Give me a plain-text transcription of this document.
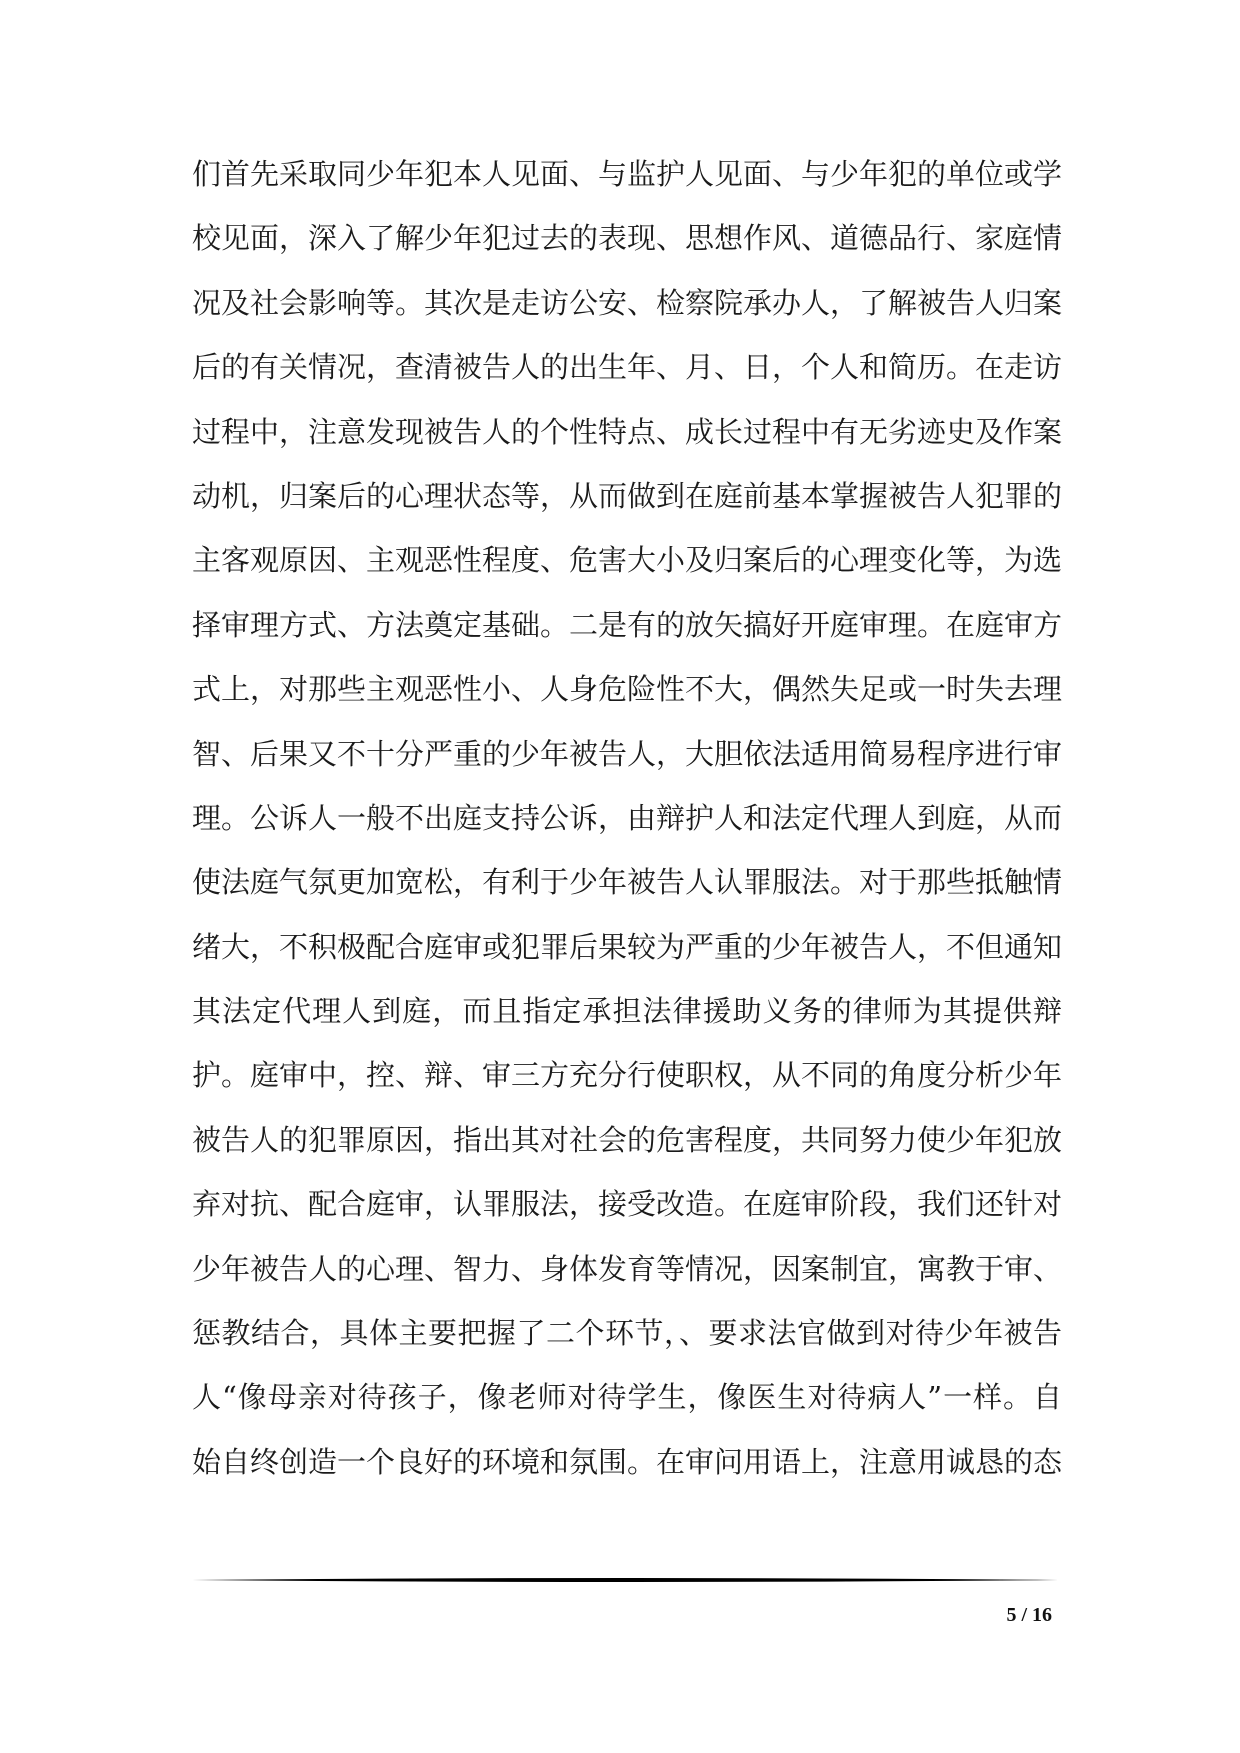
们首先采取同少年犯本人见面、与监护人见面、与少年犯的单位或学
校见面，深入了解少年犯过去的表现、思想作风、道德品行、家庭情
况及社会影响等。其次是走访公安、检察院承办人，了解被告人归案
后的有关情况，查清被告人的出生年、月、日，个人和简历。在走访
过程中，注意发现被告人的个性特点、成长过程中有无劣迹史及作案
动机，归案后的心理状态等，从而做到在庭前基本掌握被告人犯罪的
主客观原因、主观恶性程度、危害大小及归案后的心理变化等，为选
择审理方式、方法奠定基础。二是有的放矢搞好开庭审理。在庭审方
式上，对那些主观恶性小、人身危险性不大，偶然失足或一时失去理
智、后果又不十分严重的少年被告人，大胆依法适用简易程序进行审
理。公诉人一般不出庭支持公诉，由辩护人和法定代理人到庭，从而
使法庭气氛更加宽松，有利于少年被告人认罪服法。对于那些抵触情
绪大，不积极配合庭审或犯罪后果较为严重的少年被告人，不但通知
其法定代理人到庭，而且指定承担法律援助义务的律师为其提供辩
护。庭审中，控、辩、审三方充分行使职权，从不同的角度分析少年
被告人的犯罪原因，指出其对社会的危害程度，共同努力使少年犯放
弃对抗、配合庭审，认罪服法，接受改造。在庭审阶段，我们还针对
少年被告人的心理、智力、身体发育等情况，因案制宜，寓教于审、
惩教结合，具体主要把握了二个环节，、要求法官做到对待少年被告
人“像母亲对待孩子，像老师对待学生，像医生对待病人”一样。自
始自终创造一个良好的环境和氛围。在审问用语上，注意用诚恳的态
5 / 16
